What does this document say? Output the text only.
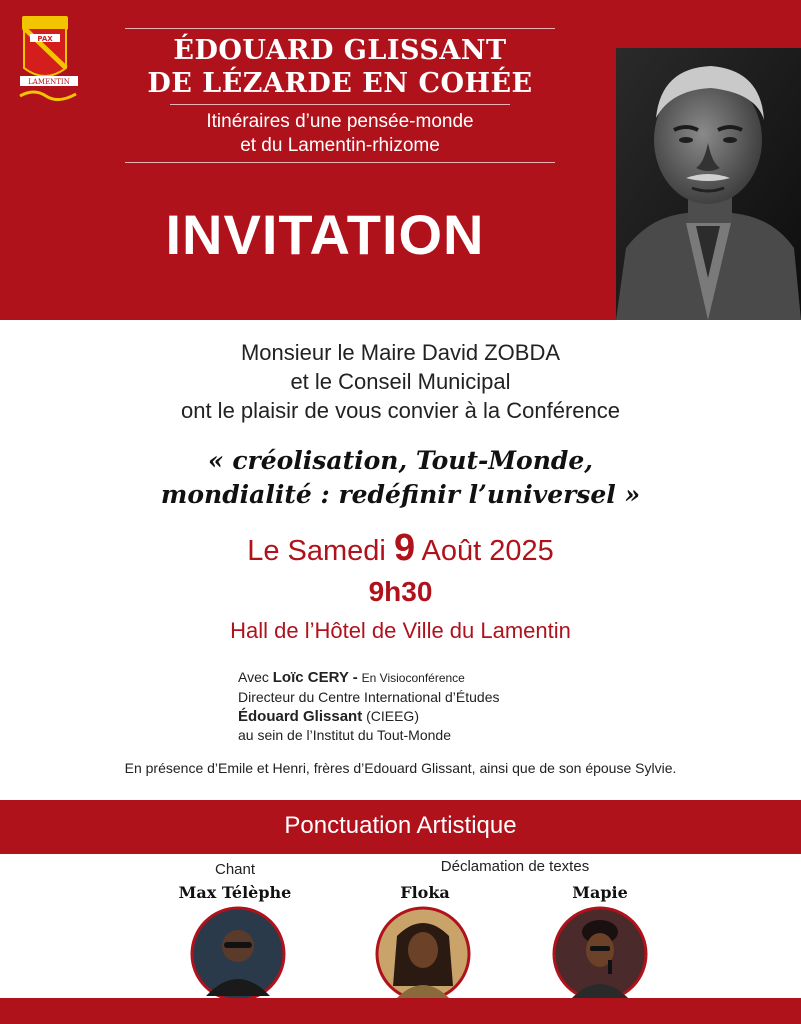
PAX
LAMENTIN
ÉDOUARD GLISSANT
DE LÉZARDE EN COHÉE
Itinéraires d’une pensée-monde
et du Lamentin-rhizome
INVITATION
Monsieur le Maire David ZOBDA
et le Conseil Municipal
ont le plaisir de vous convier à la Conférence
« créolisation, Tout-Monde,
mondialité : redéfinir l’universel »
Le Samedi 9 Août 2025
9h30
Hall de l’Hôtel de Ville du Lamentin
Avec Loïc CERY - En Visioconférence
Directeur du Centre International d’Études
Édouard Glissant (CIEEG)
au sein de l’Institut du Tout-Monde
En présence d’Emile et Henri, frères d’Edouard Glissant, ainsi que de son épouse Sylvie.
Ponctuation Artistique
Chant	Déclamation de textes
Max Télèphe	Floka	Mapie
